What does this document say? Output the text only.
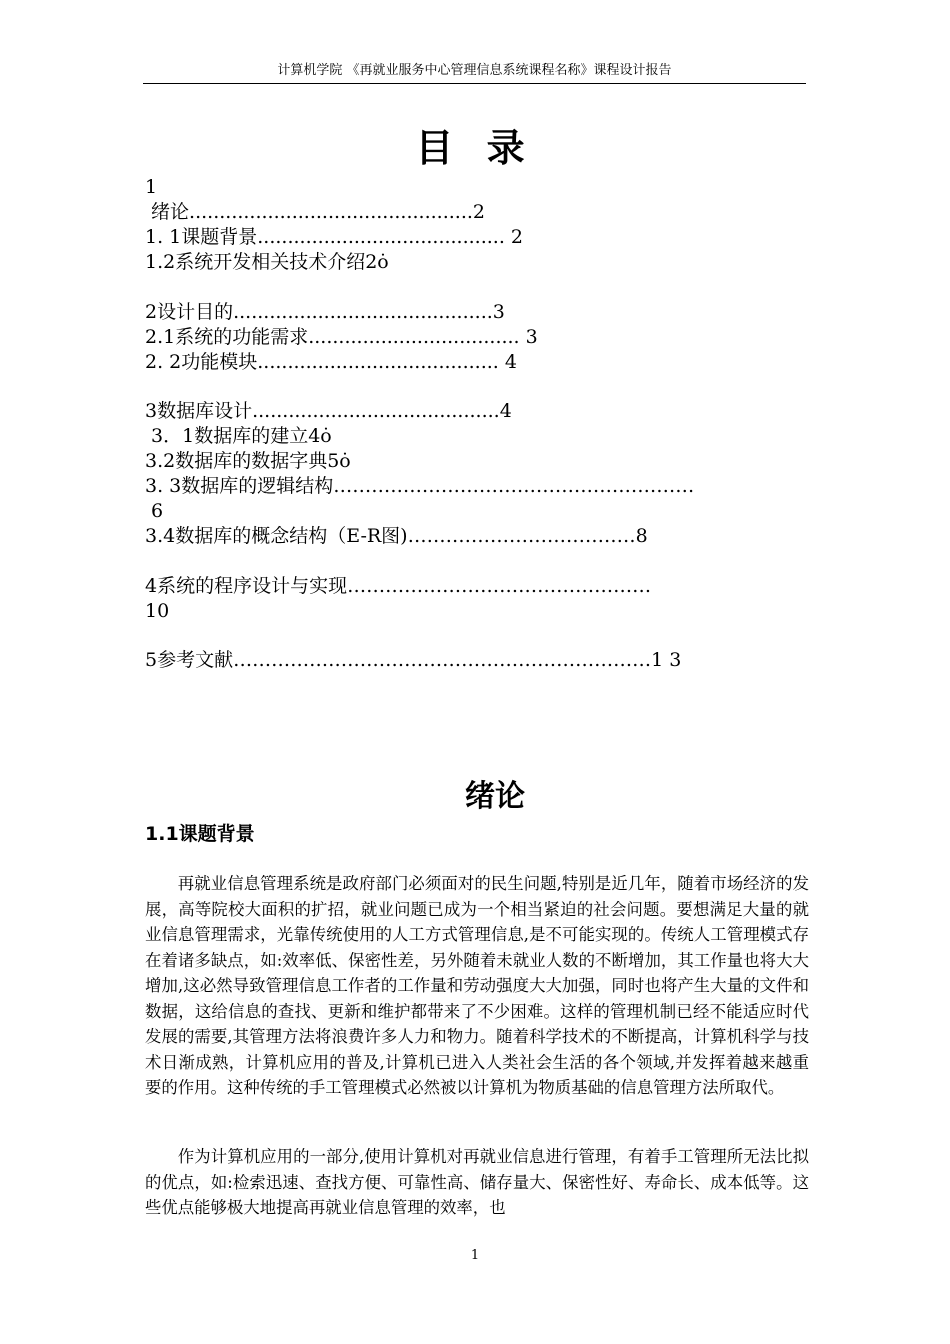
计算机学院 《再就业服务中心管理信息系统课程名称》课程设计报告
目 录
1
绪论...............................................2
1. 1课题背景......................................... 2
1.2系统开发相关技术介绍2ȯ
2设计目的...........................................3
2.1系统的功能需求................................... 3
2. 2功能模块........................................ 4
3数据库设计.........................................4
3．1数据库的建立4ȯ
3.2数据库的数据字典5ȯ
3. 3数据库的逻辑结构…………………………………………………
6
3.4数据库的概念结构（E-R图)………………………………8
4系统的程序设计与实现…………………………………………
10
5参考文献…………………………………………………………1 3
绪论
1.1课题背景

再就业信息管理系统是政府部门必须面对的民生问题,特别是近几年，随着市场经济的发展，高等院校大面积的扩招，就业问题已成为一个相当紧迫的社会问题。要想满足大量的就业信息管理需求，光靠传统使用的人工方式管理信息,是不可能实现的。传统人工管理模式存在着诸多缺点，如:效率低、保密性差，另外随着未就业人数的不断增加，其工作量也将大大增加,这必然导致管理信息工作者的工作量和劳动强度大大加强，同时也将产生大量的文件和数据，这给信息的查找、更新和维护都带来了不少困难。这样的管理机制已经不能适应时代发展的需要,其管理方法将浪费许多人力和物力。随着科学技术的不断提高，计算机科学与技术日渐成熟，计算机应用的普及,计算机已进入人类社会生活的各个领域,并发挥着越来越重要的作用。这种传统的手工管理模式必然被以计算机为物质基础的信息管理方法所取代。

作为计算机应用的一部分,使用计算机对再就业信息进行管理，有着手工管理所无法比拟的优点，如:检索迅速、查找方便、可靠性高、储存量大、保密性好、寿命长、成本低等。这些优点能够极大地提高再就业信息管理的效率，也

1
